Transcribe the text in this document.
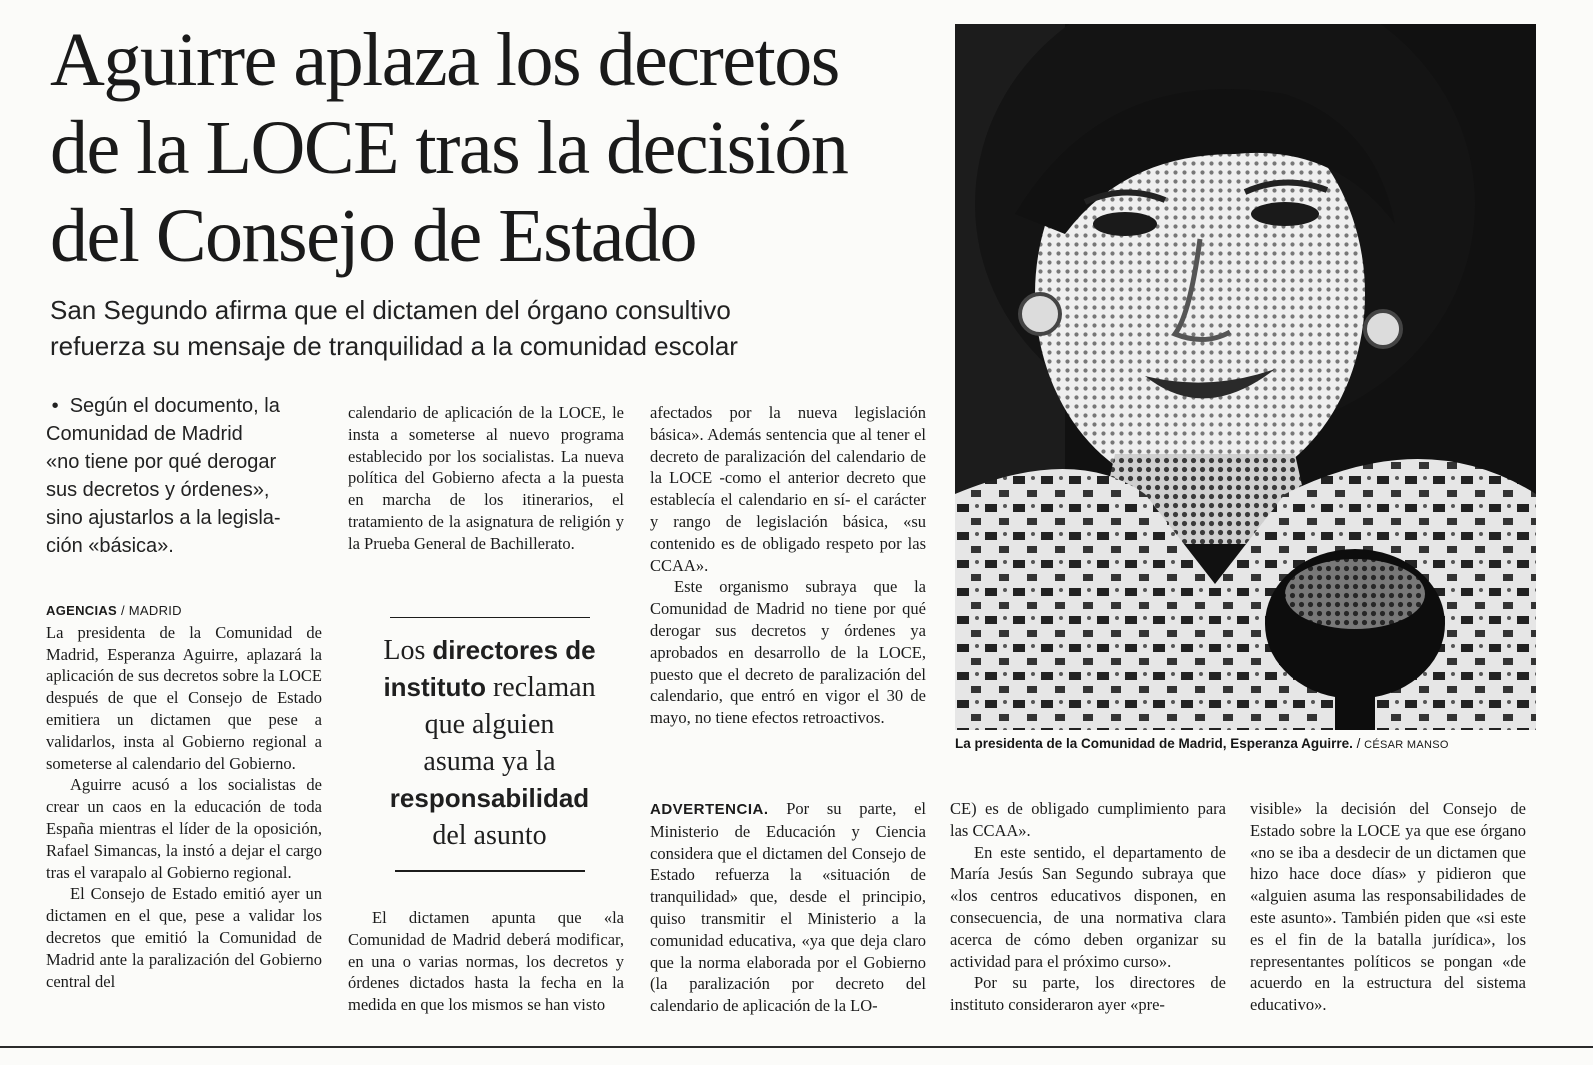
Aguirre aplaza los decretos
de la LOCE tras la decisión
del Consejo de Estado
San Segundo afirma que el dictamen del órgano consultivo
refuerza su mensaje de tranquilidad a la comunidad escolar
• Según el documento, la
Comunidad de Madrid
«no tiene por qué derogar
sus decretos y órdenes»,
sino ajustarlos a la legisla-
ción «básica».
AGENCIAS / MADRID

La presidenta de la Comunidad de Madrid, Esperanza Aguirre, aplazará la aplicación de sus decretos sobre la LOCE después de que el Consejo de Estado emitiera un dictamen que pese a validarlos, insta al Gobierno regional a someterse al calendario del Gobierno.

Aguirre acusó a los socialistas de crear un caos en la educación de toda España mientras el líder de la oposición, Rafael Simancas, la instó a dejar el cargo tras el varapalo al Gobierno regional.

El Consejo de Estado emitió ayer un dictamen en el que, pese a validar los decretos que emitió la Comunidad de Madrid ante la paralización del Gobierno central del

calendario de aplicación de la LOCE, le insta a someterse al nuevo programa establecido por los socialistas. La nueva política del Gobierno afecta a la puesta en marcha de los itinerarios, el tratamiento de la asignatura de religión y la Prueba General de Bachillerato.

Los directores de
instituto reclaman
que alguien
asuma ya la
responsabilidad
del asunto

El dictamen apunta que «la Comunidad de Madrid deberá modificar, en una o varias normas, los decretos y órdenes dictados hasta la fecha en la medida en que los mismos se han visto

afectados por la nueva legislación básica». Además sentencia que al tener el decreto de paralización del calendario de la LOCE -como el anterior decreto que establecía el calendario en sí- el carácter y rango de legislación básica, «su contenido es de obligado respeto por las CCAA».

Este organismo subraya que la Comunidad de Madrid no tiene por qué derogar sus decretos y órdenes ya aprobados en desarrollo de la LOCE, puesto que el decreto de paralización del calendario, que entró en vigor el 30 de mayo, no tiene efectos retroactivos.

ADVERTENCIA. Por su parte, el Ministerio de Educación y Ciencia considera que el dictamen del Consejo de Estado refuerza la «situación de tranquilidad» que, desde el principio, quiso transmitir el Ministerio a la comunidad educativa, «ya que deja claro que la norma elaborada por el Gobierno (la paralización por decreto del calendario de aplicación de la LO-

CE) es de obligado cumplimiento para las CCAA».

En este sentido, el departamento de María Jesús San Segundo subraya que «los centros educativos disponen, en consecuencia, de una normativa clara acerca de cómo deben organizar su actividad para el próximo curso».

Por su parte, los directores de instituto consideraron ayer «pre-

visible» la decisión del Consejo de Estado sobre la LOCE ya que ese órgano «no se iba a desdecir de un dictamen que hizo hace doce días» y pidieron que «alguien asuma las responsabilidades de este asunto». También piden que «si este es el fin de la batalla jurídica», los representantes políticos se pongan «de acuerdo en la estructura del sistema educativo».

La presidenta de la Comunidad de Madrid, Esperanza Aguirre. / CÉSAR MANSO
